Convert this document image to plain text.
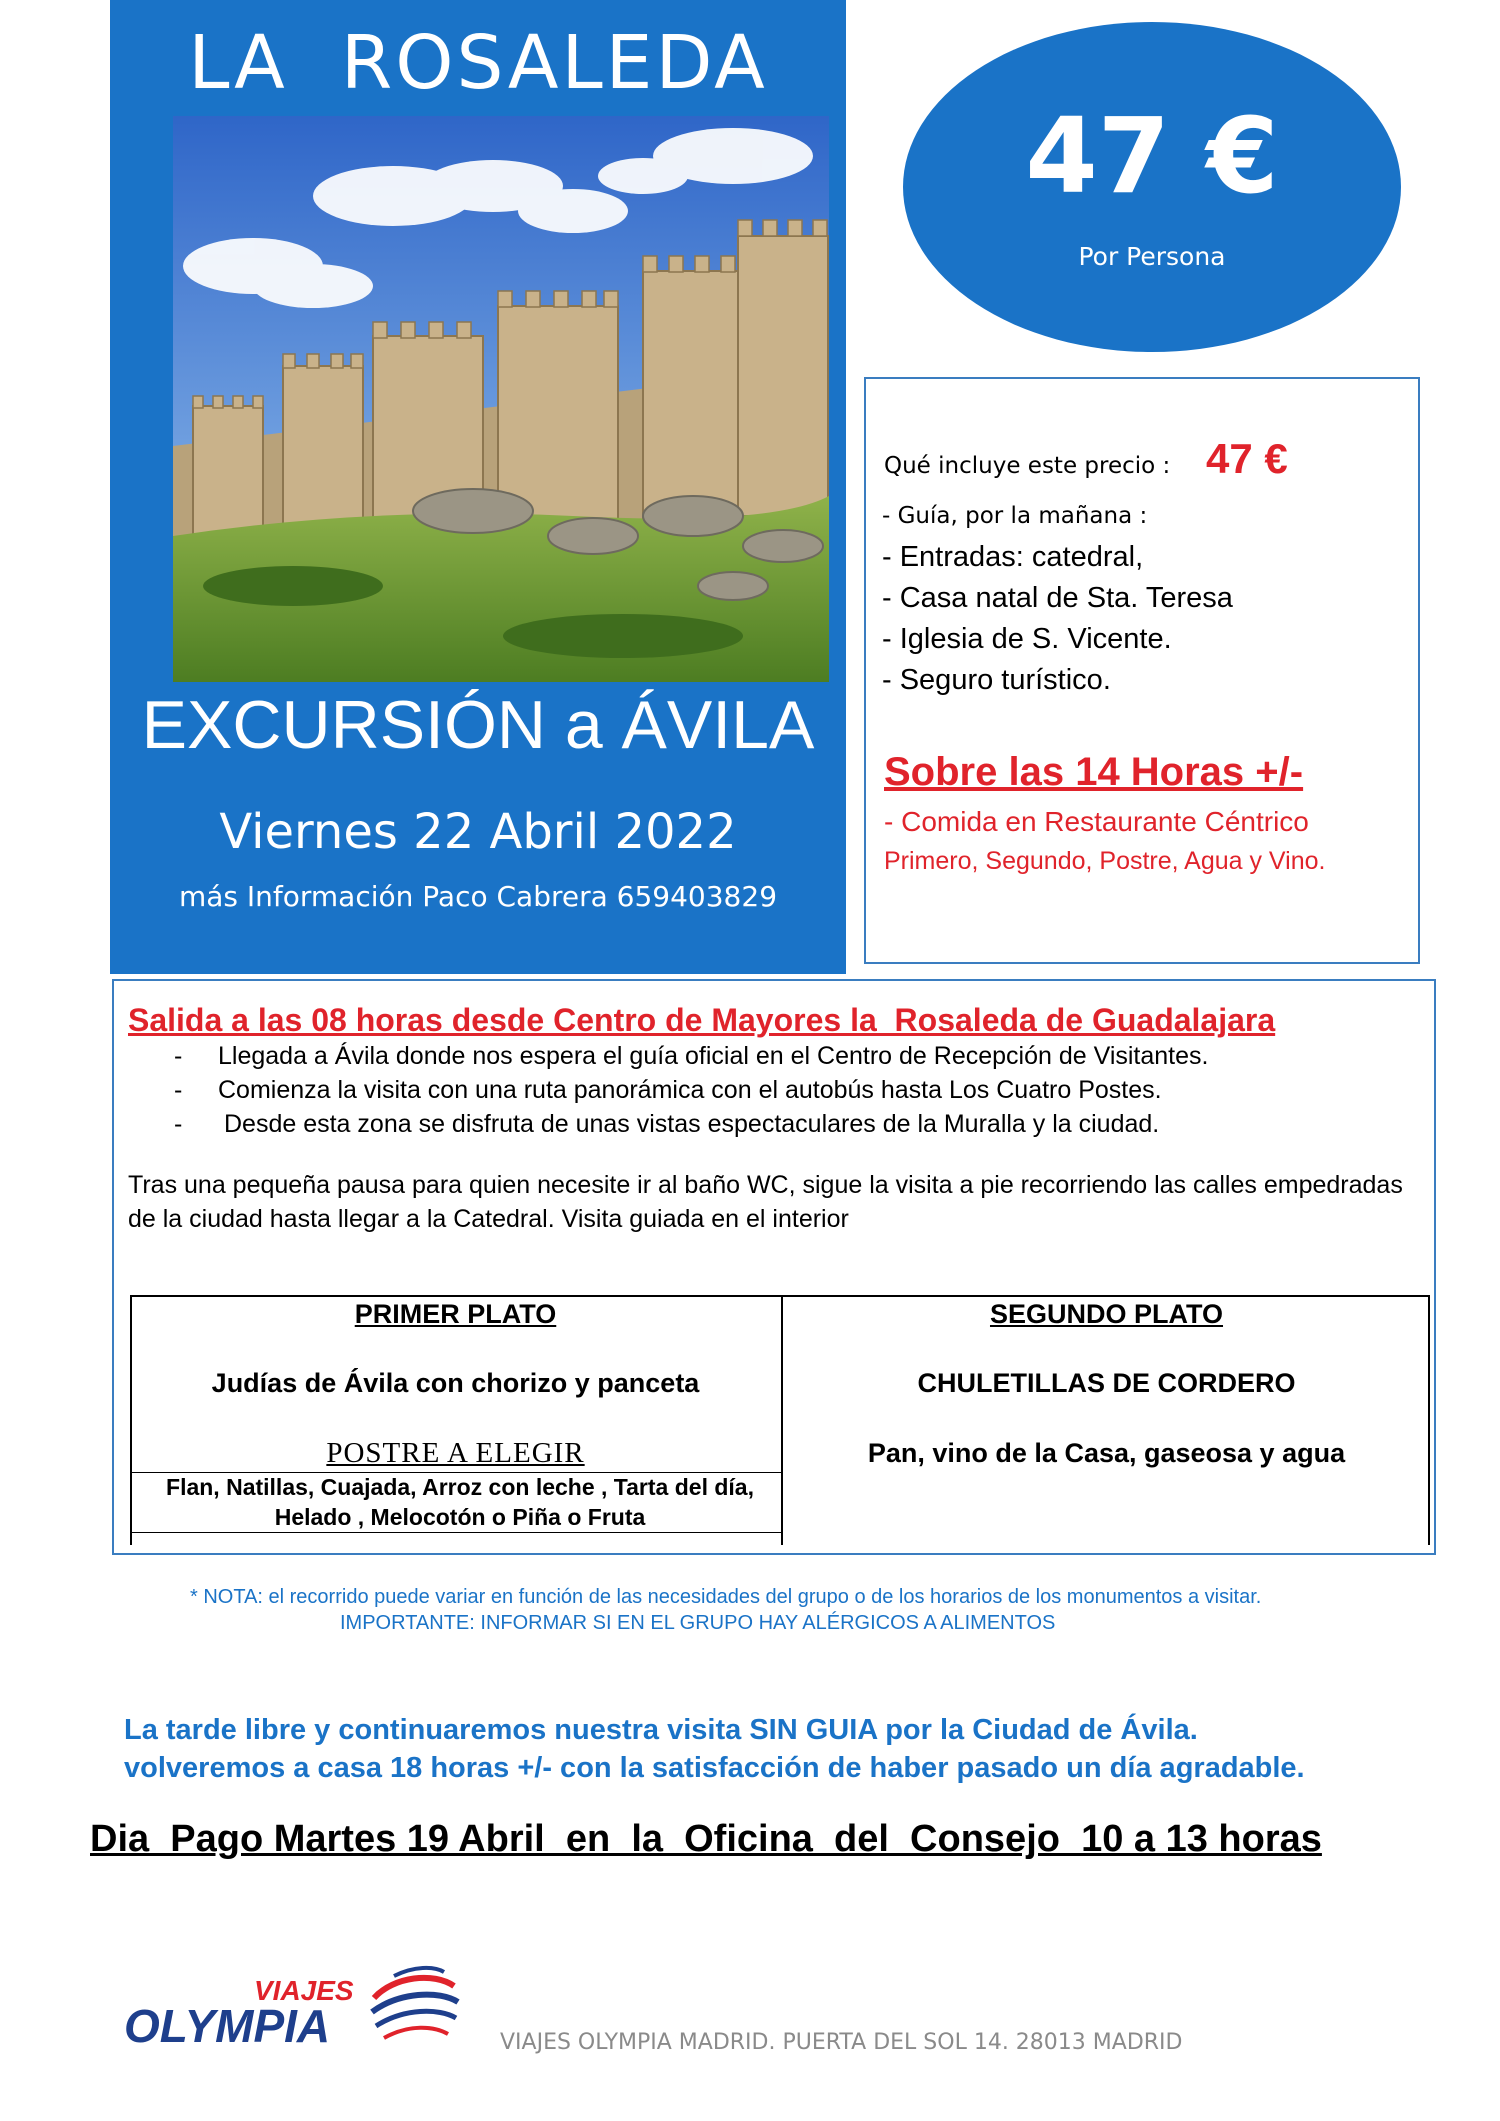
LA  ROSALEDA
EXCURSIÓN a ÁVILA
Viernes 22 Abril 2022
más Información Paco Cabrera 659403829
47 €
Por Persona
Qué incluye este precio : 47 €
- Guía, por la mañana :
- Entradas: catedral,
- Casa natal de Sta. Teresa
- Iglesia de S. Vicente.
- Seguro turístico.
Sobre las 14 Horas +/-
- Comida en Restaurante Céntrico
Primero, Segundo, Postre, Agua y Vino.
Salida a las 08 horas desde Centro de Mayores la  Rosaleda de Guadalajara
- Llegada a Ávila donde nos espera el guía oficial en el Centro de Recepción de Visitantes.
- Comienza la visita con una ruta panorámica con el autobús hasta Los Cuatro Postes.
- Desde esta zona se disfruta de unas vistas espectaculares de la Muralla y la ciudad.
Tras una pequeña pausa para quien necesite ir al baño WC, sigue la visita a pie recorriendo las calles empedradas de la ciudad hasta llegar a la Catedral. Visita guiada en el interior
PRIMER PLATO
Judías de Ávila con chorizo y panceta
POSTRE A ELEGIR
Flan, Natillas, Cuajada, Arroz con leche , Tarta del día, Helado , Melocotón o Piña o Fruta
SEGUNDO PLATO
CHULETILLAS DE CORDERO
Pan, vino de la Casa, gaseosa y agua
* NOTA: el recorrido puede variar en función de las necesidades del grupo o de los horarios de los monumentos a visitar.
IMPORTANTE: INFORMAR SI EN EL GRUPO HAY ALÉRGICOS A ALIMENTOS
La tarde libre y continuaremos nuestra visita SIN GUIA por la Ciudad de Ávila.
volveremos a casa 18 horas +/- con la satisfacción de haber pasado un día agradable.
Dia  Pago Martes 19 Abril  en  la  Oficina  del  Consejo  10 a 13 horas
VIAJES
OLYMPIA	VIAJES OLYMPIA MADRID. PUERTA DEL SOL 14. 28013 MADRID
